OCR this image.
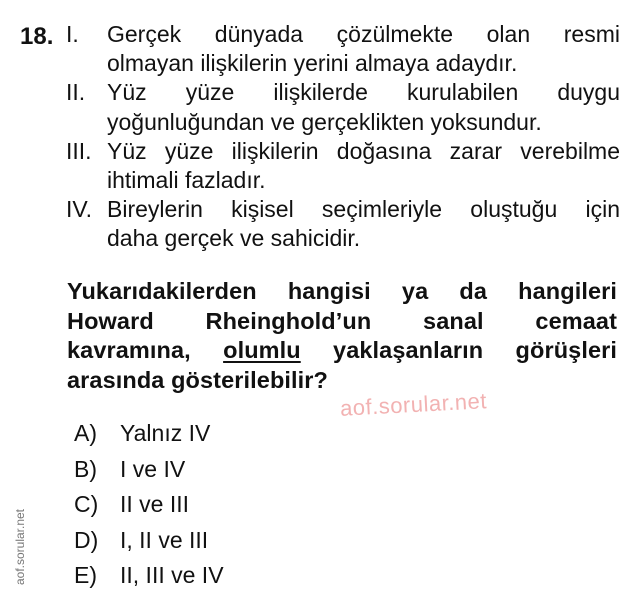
18. I.	Gerçek dünyada çözülmekte olan resmi
olmayan ilişkilerin yerini almaya adaydır.
II. Yüz yüze ilişkilerde kurulabilen duygu
yoğunluğundan ve gerçeklikten yoksundur.
III. Yüz yüze ilişkilerin doğasına zarar verebilme
ihtimali fazladır.
IV. Bireylerin kişisel seçimleriyle oluştuğu için
daha gerçek ve sahicidir.
Yukarıdakilerden hangisi ya da hangileri
Howard Rheinghold’un sanal cemaat
kavramına, olumlu yaklaşanların görüşleri
arasında gösterilebilir?
aof.sorular.net
A)	Yalnız IV
B)	I ve IV
C) II ve III
D) I, II ve III
E)	II, III ve IV
aof.sorular.net
